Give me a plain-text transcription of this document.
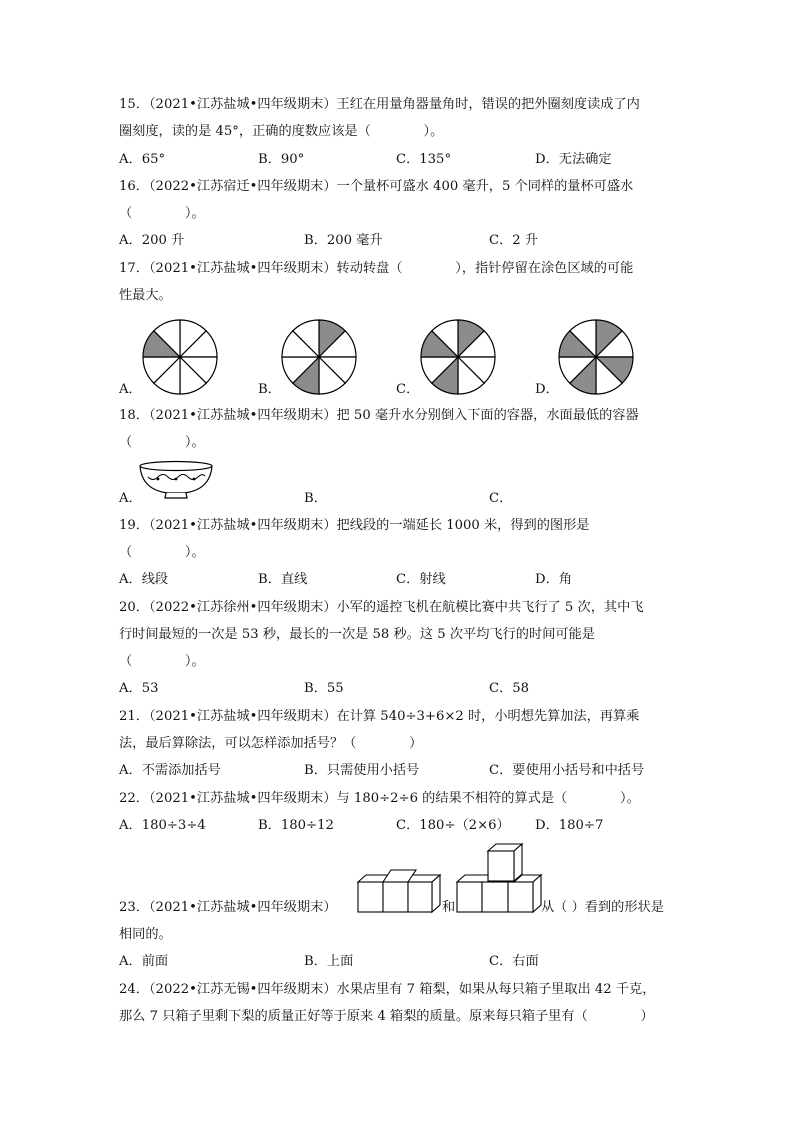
15．（2021•江苏盐城•四年级期末）王红在用量角器量角时，错误的把外圈刻度读成了内
圈刻度，读的是 45°，正确的度数应该是（　　　　）。
A．65°	B．90°	C．135°	D．无法确定
16．（2022•江苏宿迁•四年级期末）一个量杯可盛水 400 毫升，5 个同样的量杯可盛水
（　　　　）。
A．200 升	B．200 毫升	C．2 升
17．（2021•江苏盐城•四年级期末）转动转盘（　　　　），指针停留在涂色区域的可能
性最大。
A．	B．	C．	D．
18．（2021•江苏盐城•四年级期末）把 50 毫升水分别倒入下面的容器，水面最低的容器
（　　　　）。
A．	B．	C．
19．（2021•江苏盐城•四年级期末）把线段的一端延长 1000 米，得到的图形是
（　　　　）。
A．线段	B．直线	C．射线	D．角
20．（2022•江苏徐州•四年级期末）小军的遥控飞机在航模比赛中共飞行了 5 次，其中飞
行时间最短的一次是 53 秒，最长的一次是 58 秒。这 5 次平均飞行的时间可能是
（　　　　）。
A．53	B．55	C．58
21．（2021•江苏盐城•四年级期末）在计算 540÷3+6×2 时，小明想先算加法，再算乘
法，最后算除法，可以怎样添加括号？（　　　　）
A．不需添加括号	B．只需使用小括号	C．要使用小括号和中括号
22．（2021•江苏盐城•四年级期末）与 180÷2÷6 的结果不相符的算式是（　　　　）。
A．180÷3÷4	B．180÷12	C．180÷（2×6） D．180÷7
和
23．（2021•江苏盐城•四年级期末）	从（ ）看到的形状是
相同的。
A．前面	B．上面	C．右面
24．（2022•江苏无锡•四年级期末）水果店里有 7 箱梨，如果从每只箱子里取出 42 千克，
那么 7 只箱子里剩下梨的质量正好等于原来 4 箱梨的质量。原来每只箱子里有（　　　　）
